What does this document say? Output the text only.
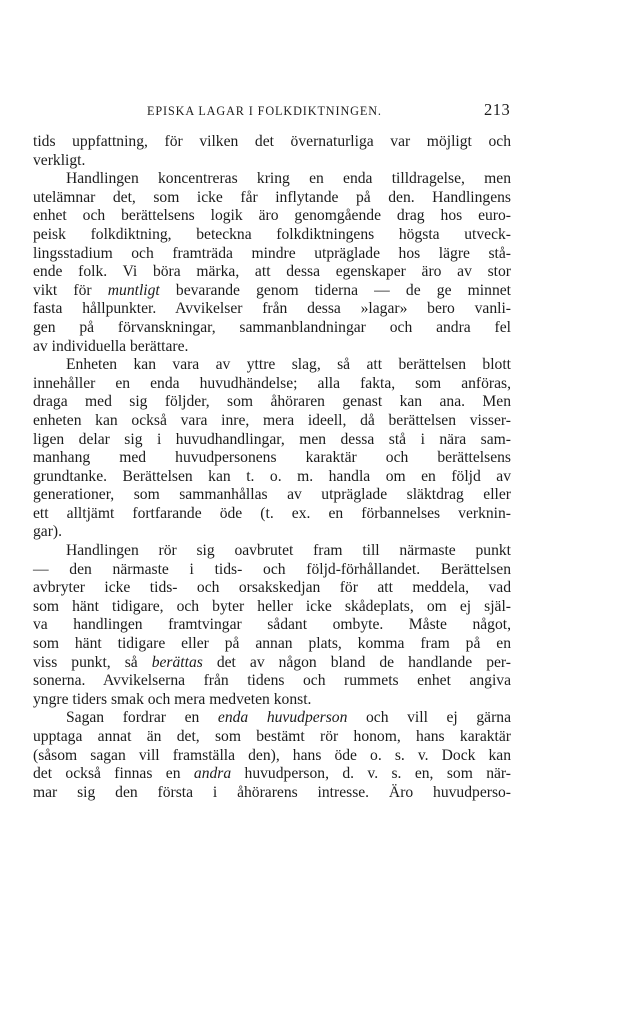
EPISKA LAGAR I FOLKDIKTNINGEN.	213
tids uppfattning, för vilken det övernaturliga var möjligt och
verkligt.
Handlingen koncentreras kring en enda tilldragelse, men
utelämnar det, som icke får inflytande på den. Handlingens
enhet och berättelsens logik äro genomgående drag hos euro-
peisk folkdiktning, beteckna folkdiktningens högsta utveck-
lingsstadium och framträda mindre utpräglade hos lägre stå-
ende folk. Vi böra märka, att dessa egenskaper äro av stor
vikt för muntligt bevarande genom tiderna — de ge minnet
fasta hållpunkter. Avvikelser från dessa »lagar» bero vanli-
gen på förvanskningar, sammanblandningar och andra fel
av individuella berättare.
Enheten kan vara av yttre slag, så att berättelsen blott
innehåller en enda huvudhändelse; alla fakta, som anföras,
draga med sig följder, som åhöraren genast kan ana. Men
enheten kan också vara inre, mera ideell, då berättelsen visser-
ligen delar sig i huvudhandlingar, men dessa stå i nära sam-
manhang med huvudpersonens karaktär och berättelsens
grundtanke. Berättelsen kan t. o. m. handla om en följd av
generationer, som sammanhållas av utpräglade släktdrag eller
ett alltjämt fortfarande öde (t. ex. en förbannelses verknin-
gar).
Handlingen rör sig oavbrutet fram till närmaste punkt
— den närmaste i tids- och följd-förhållandet. Berättelsen
avbryter icke tids- och orsakskedjan för att meddela, vad
som hänt tidigare, och byter heller icke skådeplats, om ej själ-
va handlingen framtvingar sådant ombyte. Måste något,
som hänt tidigare eller på annan plats, komma fram på en
viss punkt, så berättas det av någon bland de handlande per-
sonerna. Avvikelserna från tidens och rummets enhet angiva
yngre tiders smak och mera medveten konst.
Sagan fordrar en enda huvudperson och vill ej gärna
upptaga annat än det, som bestämt rör honom, hans karaktär
(såsom sagan vill framställa den), hans öde o. s. v. Dock kan
det också finnas en andra huvudperson, d. v. s. en, som när-
mar sig den första i åhörarens intresse. Äro huvudperso-
